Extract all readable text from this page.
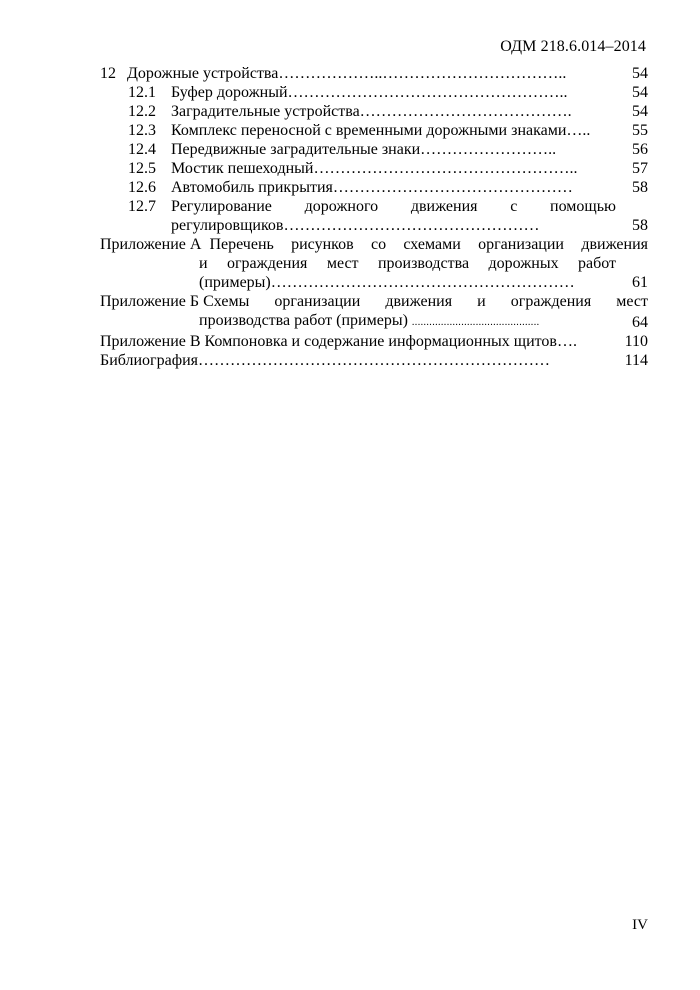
ОДМ 218.6.014–2014
12 Дорожные устройства………………..……………………………..	54
12.1 Буфер дорожный……………………………………………..	54
12.2 Заградительные устройства………………………………….	54
12.3 Комплекс переносной с временными дорожными знаками…..	55
12.4 Передвижные заградительные знаки……………………..	56
12.5 Мостик пешеходный…………………………………………..	57
12.6 Автомобиль прикрытия………………………………………	58
12.7 Регулирование дорожного движения с помощью
регулировщиков…………………………………………	58
Приложение А Перечень рисунков со схемами организации движения
и ограждения мест производства дорожных работ
(примеры)…………………………………………………	61
Приложение Б Схемы организации движения и ограждения мест
производства работ (примеры) ............................................	64
Приложение В Компоновка и содержание информационных щитов….	110
Библиография…………………………………………………………	114
IV
